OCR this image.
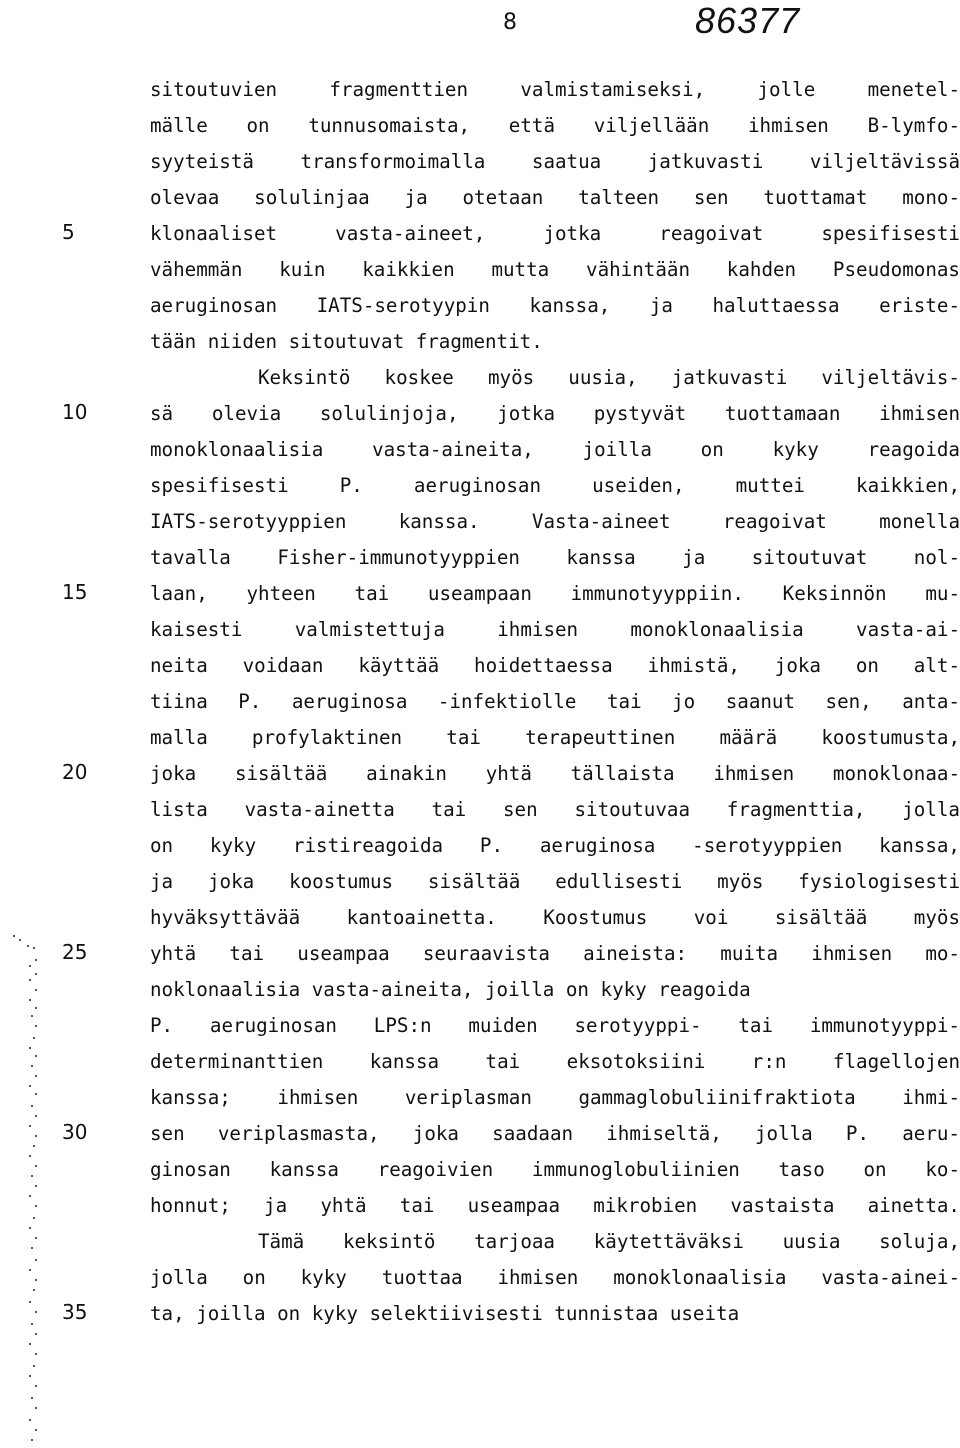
8	86377
5
10
15
20
25
30
35

sitoutuvien fragmenttien valmistamiseksi, jolle menetel-

mälle on tunnusomaista, että viljellään ihmisen B-lymfo-

syyteistä transformoimalla saatua jatkuvasti viljeltävissä

olevaa solulinjaa ja otetaan talteen sen tuottamat mono-

klonaaliset vasta-aineet, jotka reagoivat spesifisesti

vähemmän kuin kaikkien mutta vähintään kahden Pseudomonas

aeruginosan IATS-serotyypin kanssa, ja haluttaessa eriste-

tään niiden sitoutuvat fragmentit.

Keksintö koskee myös uusia, jatkuvasti viljeltävis-

sä olevia solulinjoja, jotka pystyvät tuottamaan ihmisen

monoklonaalisia vasta-aineita, joilla on kyky reagoida

spesifisesti P. aeruginosan useiden, muttei kaikkien,

IATS-serotyyppien kanssa. Vasta-aineet reagoivat monella

tavalla Fisher-immunotyyppien kanssa ja sitoutuvat nol-

laan, yhteen tai useampaan immunotyyppiin. Keksinnön mu-

kaisesti valmistettuja ihmisen monoklonaalisia vasta-ai-

neita voidaan käyttää hoidettaessa ihmistä, joka on alt-

tiina P. aeruginosa -infektiolle tai jo saanut sen, anta-

malla profylaktinen tai terapeuttinen määrä koostumusta,

joka sisältää ainakin yhtä tällaista ihmisen monoklonaa-

lista vasta-ainetta tai sen sitoutuvaa fragmenttia, jolla

on kyky ristireagoida P. aeruginosa -serotyyppien kanssa,

ja joka koostumus sisältää edullisesti myös fysiologisesti

hyväksyttävää kantoainetta. Koostumus voi sisältää myös

yhtä tai useampaa seuraavista aineista: muita ihmisen mo-

noklonaalisia vasta-aineita, joilla on kyky reagoida

P. aeruginosan LPS:n muiden serotyyppi- tai immunotyyppi-

determinanttien kanssa tai eksotoksiini r:n flagellojen

kanssa; ihmisen veriplasman gammaglobuliinifraktiota ihmi-

sen veriplasmasta, joka saadaan ihmiseltä, jolla P. aeru-

ginosan kanssa reagoivien immunoglobuliinien taso on ko-

honnut; ja yhtä tai useampaa mikrobien vastaista ainetta.

Tämä keksintö tarjoaa käytettäväksi uusia soluja,

jolla on kyky tuottaa ihmisen monoklonaalisia vasta-ainei-

ta, joilla on kyky selektiivisesti tunnistaa useita
